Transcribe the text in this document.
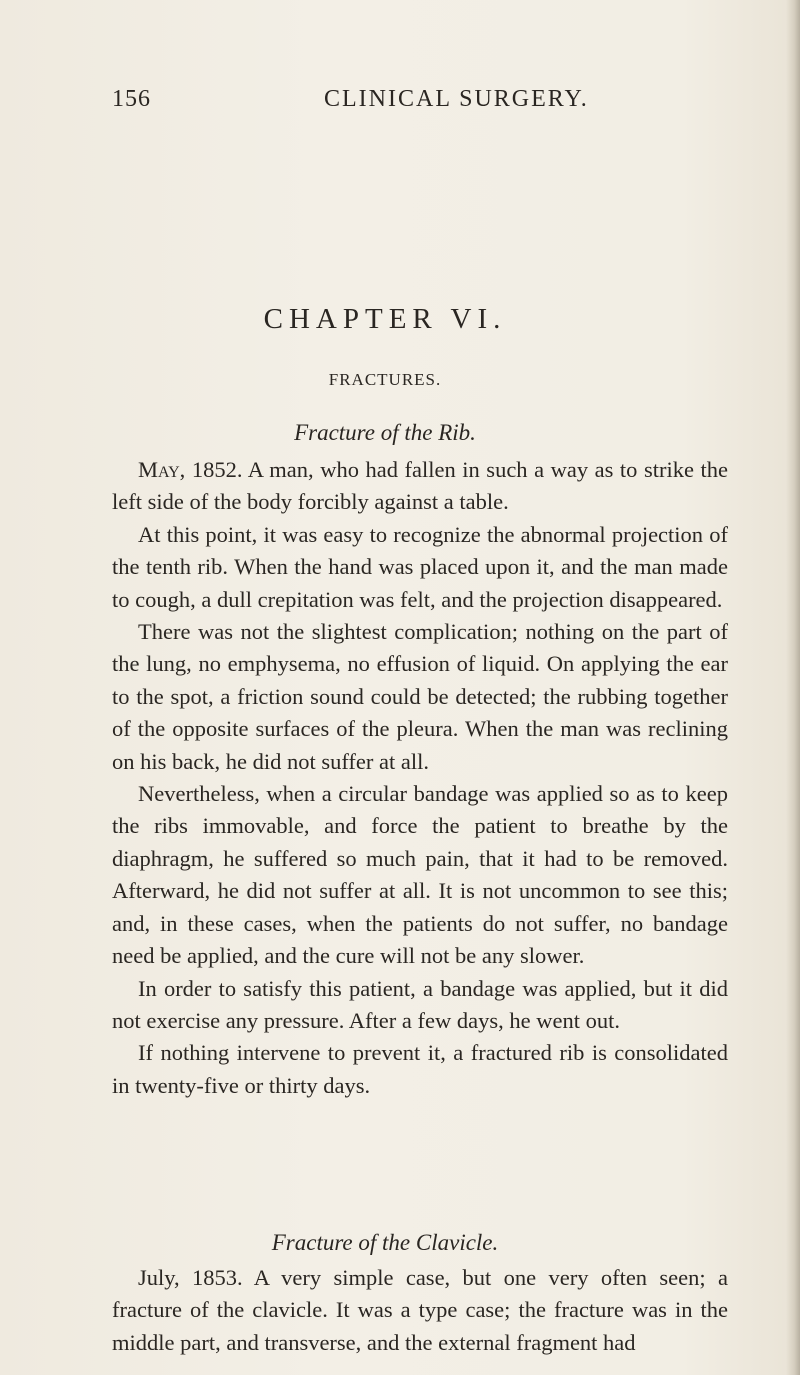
156	CLINICAL SURGERY.
CHAPTER VI.
FRACTURES.
Fracture of the Rib.

May, 1852. A man, who had fallen in such a way as to strike the left side of the body forcibly against a table.

At this point, it was easy to recognize the abnormal projection of the tenth rib. When the hand was placed upon it, and the man made to cough, a dull crepitation was felt, and the projection disappeared.

There was not the slightest complication; nothing on the part of the lung, no emphysema, no effusion of liquid. On applying the ear to the spot, a friction sound could be detected; the rubbing together of the opposite surfaces of the pleura. When the man was reclining on his back, he did not suffer at all.

Nevertheless, when a circular bandage was applied so as to keep the ribs immovable, and force the patient to breathe by the diaphragm, he suffered so much pain, that it had to be removed. Afterward, he did not suffer at all. It is not uncommon to see this; and, in these cases, when the patients do not suffer, no bandage need be applied, and the cure will not be any slower.

In order to satisfy this patient, a bandage was applied, but it did not exercise any pressure. After a few days, he went out.

If nothing intervene to prevent it, a fractured rib is consolidated in twenty-five or thirty days.

Fracture of the Clavicle.

July, 1853. A very simple case, but one very often seen; a fracture of the clavicle. It was a type case; the fracture was in the middle part, and transverse, and the external fragment had
